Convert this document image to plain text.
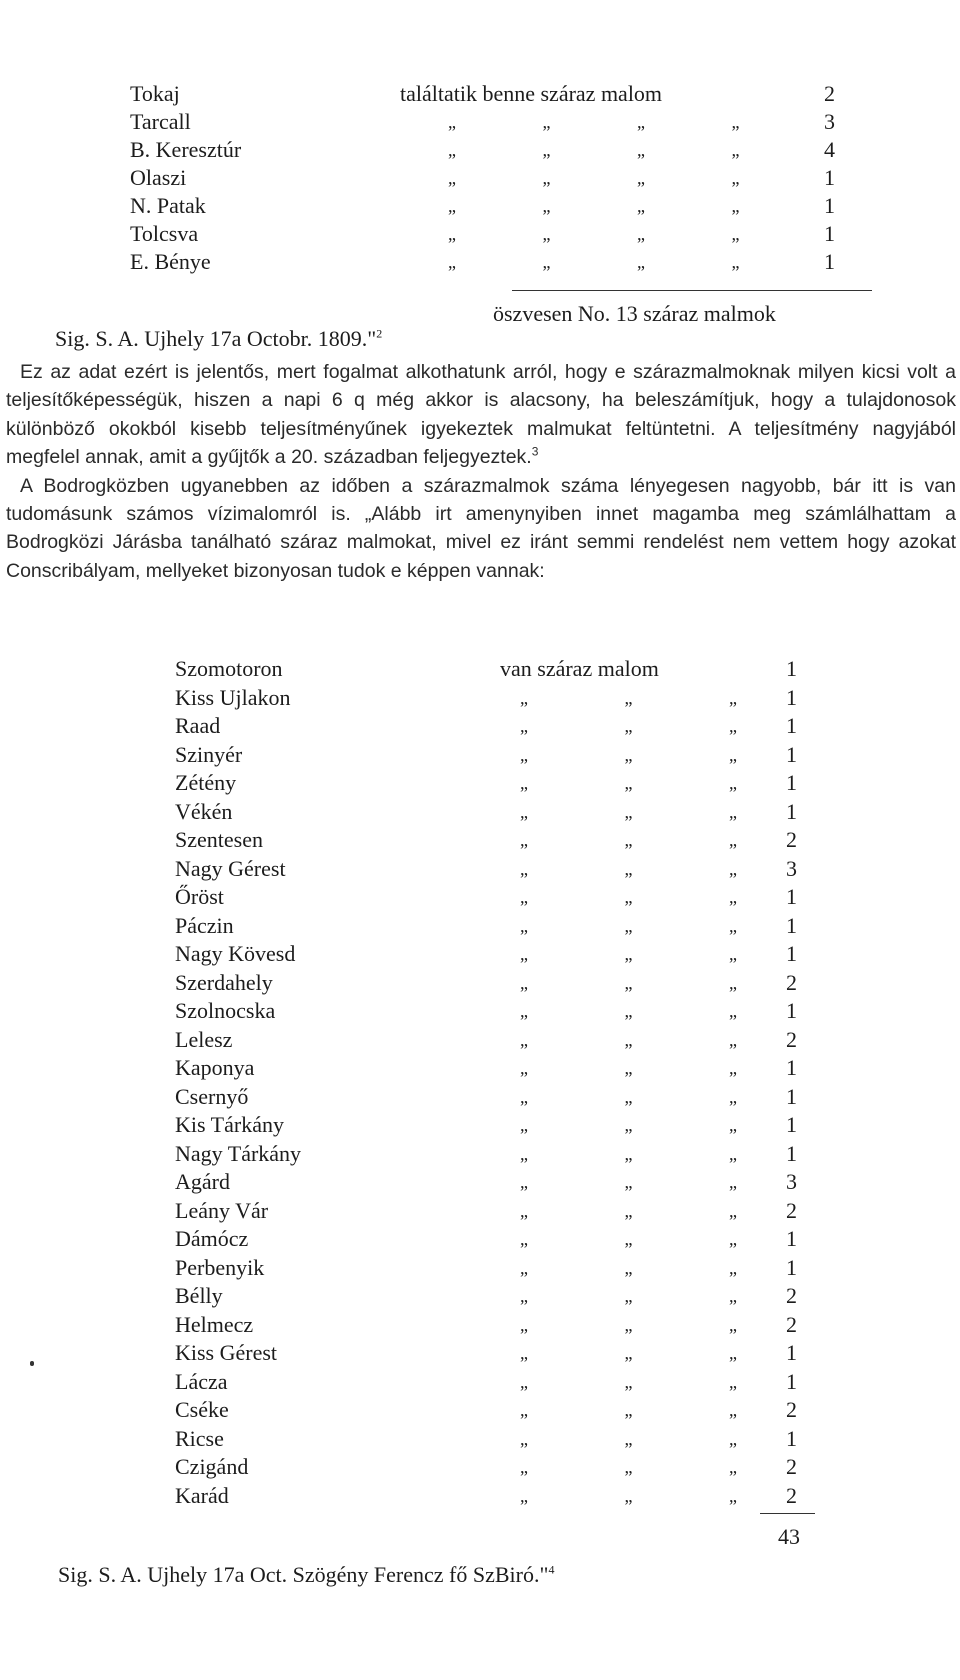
Tokaj	találtatik benne száraz malom	2
Tarcall	„ „ „ „	3
B. Keresztúr	„ „ „ „	4
Olaszi	„ „ „ „	1
N. Patak	„ „ „ „	1
Tolcsva	„ „ „ „	1
E. Bénye	„ „ „ „	1
öszvesen No. 13 száraz malmok
Sig. S. A. Ujhely 17a Octobr. 1809."$^2$

Ez az adat ezért is jelentős, mert fogalmat alkothatunk arról, hogy e szárazmalmoknak milyen kicsi volt a teljesítőképességük, hiszen a napi 6 q még akkor is alacsony, ha beleszámítjuk, hogy a tulajdonosok különböző okokból kisebb teljesítményűnek igyekeztek malmukat feltüntetni. A teljesítmény nagyjából megfelel annak, amit a gyűjtők a 20. században feljegyeztek.$^3$

A Bodrogközben ugyanebben az időben a szárazmalmok száma lényegesen nagyobb, bár itt is van tudomásunk számos vízimalomról is. „Alább irt amenynyiben innet magamba meg számlálhattam a Bodrogközi Járásba tanálható száraz malmokat, mivel ez iránt semmi rendelést nem vettem hogy azokat Conscribályam, mellyeket bizonyosan tudok e képpen vannak:

Szomotoron	van száraz malom	1
Kiss Ujlakon	„ „ „ 1
Raad	„ „ „ 1
Szinyér	„ „ „ 1
Zétény	„ „ „ 1
Vékén	„ „ „ 1
Szentesen	„ „ „ 2
Nagy Gérest	„ „ „ 3
Őröst	„ „ „ 1
Páczin	„ „ „ 1
Nagy Kövesd	„ „ „ 1
Szerdahely	„ „ „ 2
Szolnocska	„ „ „ 1
Lelesz	„ „ „ 2
Kaponya	„ „ „ 1
Csernyő	„ „ „ 1
Kis Tárkány	„ „ „ 1
Nagy Tárkány	„ „ „ 1
Agárd	„ „ „ 3
Leány Vár	„ „ „ 2
Dámócz	„ „ „ 1
Perbenyik	„ „ „ 1
Bélly	„ „ „ 2
Helmecz	„ „ „ 2
Kiss Gérest	„ „ „ 1
Lácza	„ „ „ 1
Cséke	„ „ „ 2
Ricse	„ „ „ 1
Czigánd	„ „ „ 2
Karád	„ „ „ 2
43
Sig. S. A. Ujhely 17a Oct. Szögény Ferencz fő SzBiró."$^4$
